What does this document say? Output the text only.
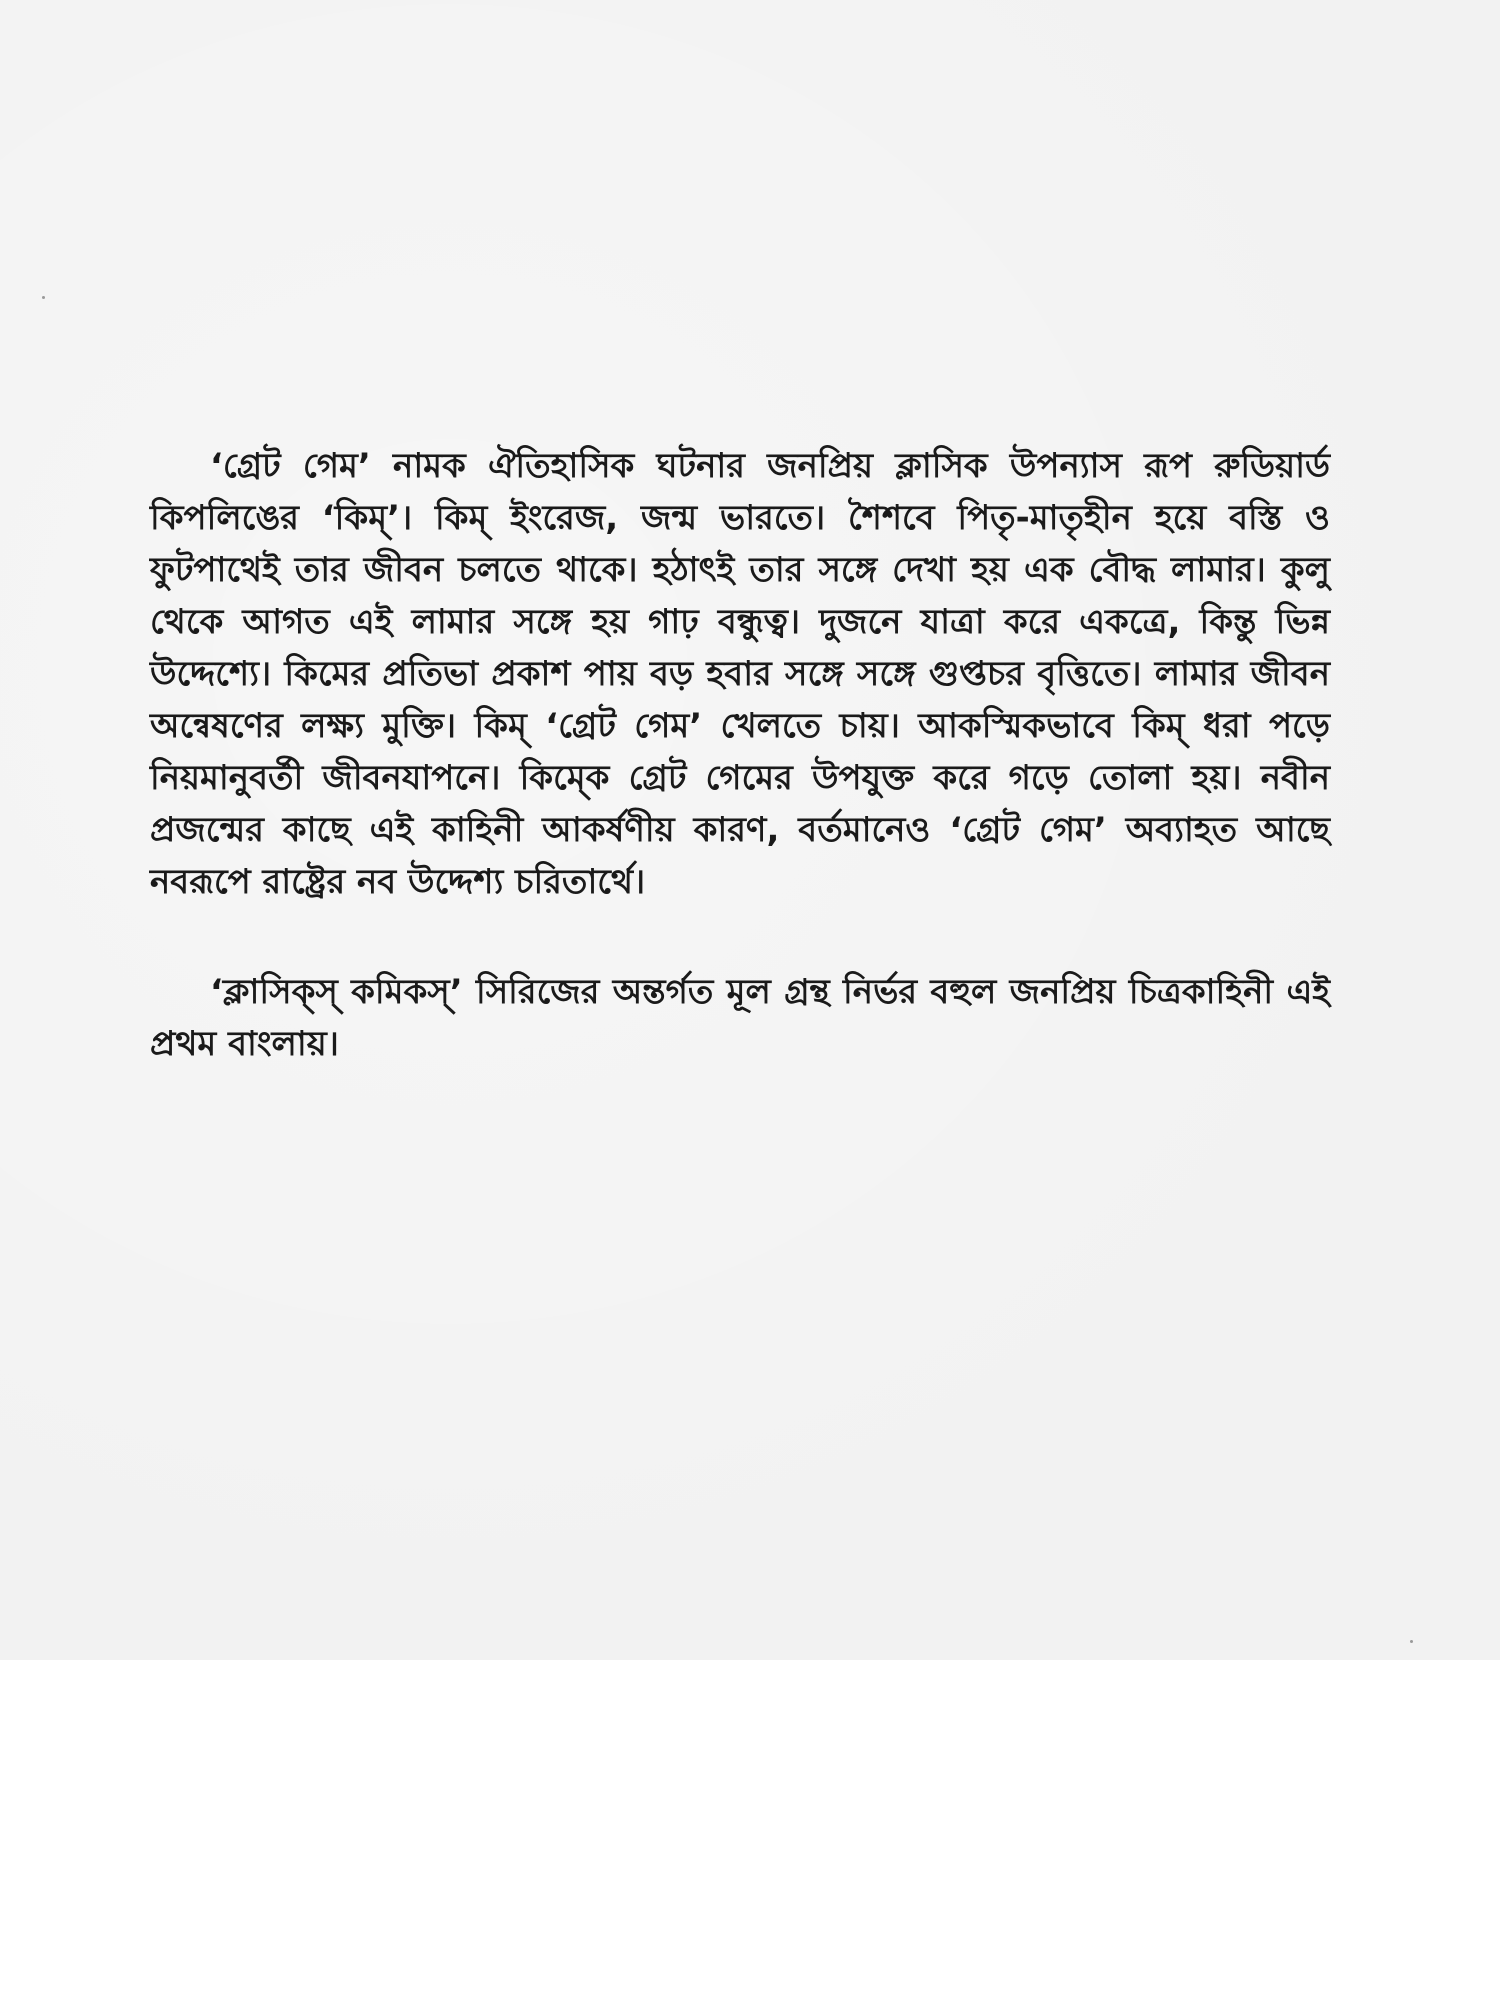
‘গ্রেট গেম’ নামক ঐতিহাসিক ঘটনার জনপ্রিয় ক্লাসিক উপন্যাস রূপ রুডিয়ার্ড কিপলিঙের ‘কিম্’। কিম্ ইংরেজ, জন্ম ভারতে। শৈশবে পিতৃ-মাতৃহীন হয়ে বস্তি ও ফুটপাথেই তার জীবন চলতে থাকে। হঠাৎই তার সঙ্গে দেখা হয় এক বৌদ্ধ লামার। কুলু থেকে আগত এই লামার সঙ্গে হয় গাঢ় বন্ধুত্ব। দুজনে যাত্রা করে একত্রে, কিন্তু ভিন্ন উদ্দেশ্যে। কিমের প্রতিভা প্রকাশ পায় বড় হবার সঙ্গে সঙ্গে গুপ্তচর বৃত্তিতে। লামার জীবন অন্বেষণের লক্ষ্য মুক্তি। কিম্ ‘গ্রেট গেম’ খেলতে চায়। আকস্মিকভাবে কিম্ ধরা পড়ে নিয়মানুবর্তী জীবনযাপনে। কিম্কে গ্রেট গেমের উপযুক্ত করে গড়ে তোলা হয়। নবীন প্রজন্মের কাছে এই কাহিনী আকর্ষণীয় কারণ, বর্তমানেও ‘গ্রেট গেম’ অব্যাহত আছে নবরূপে রাষ্ট্রের নব উদ্দেশ্য চরিতার্থে।

‘ক্লাসিক্স্ কমিকস্’ সিরিজের অন্তর্গত মূল গ্রন্থ নির্ভর বহুল জনপ্রিয় চিত্রকাহিনী এই প্রথম বাংলায়।
